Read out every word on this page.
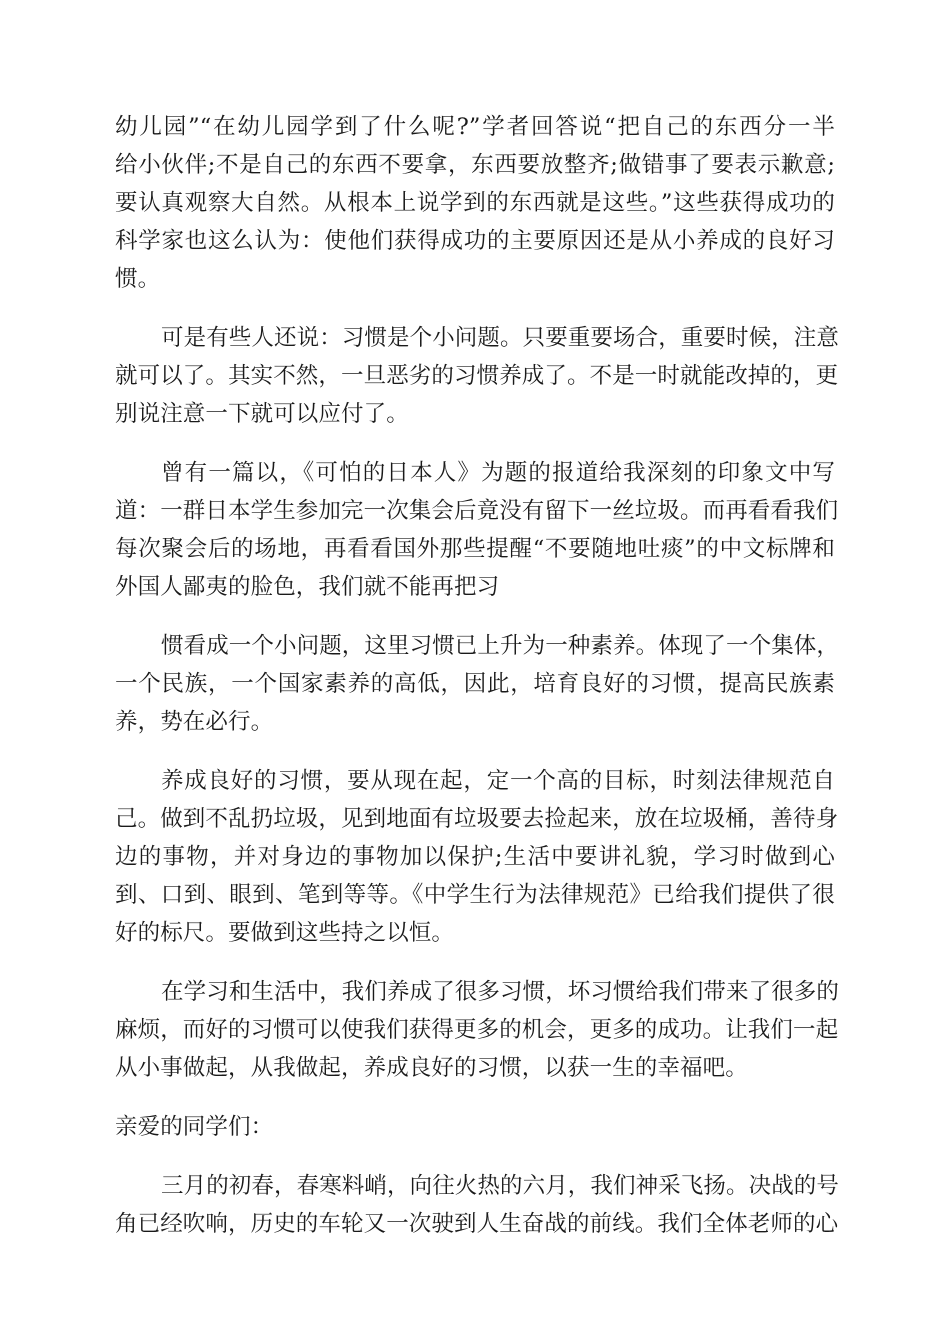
幼儿园”“在幼儿园学到了什么呢?”学者回答说“把自己的东西分一半
给小伙伴;不是自己的东西不要拿，东西要放整齐;做错事了要表示歉意;
要认真观察大自然。从根本上说学到的东西就是这些。”这些获得成功的
科学家也这么认为：使他们获得成功的主要原因还是从小养成的良好习
惯。

可是有些人还说：习惯是个小问题。只要重要场合，重要时候，注意
就可以了。其实不然，一旦恶劣的习惯养成了。不是一时就能改掉的，更
别说注意一下就可以应付了。

曾有一篇以，《可怕的日本人》为题的报道给我深刻的印象文中写
道：一群日本学生参加完一次集会后竟没有留下一丝垃圾。而再看看我们
每次聚会后的场地，再看看国外那些提醒“不要随地吐痰”的中文标牌和
外国人鄙夷的脸色，我们就不能再把习

惯看成一个小问题，这里习惯已上升为一种素养。体现了一个集体，
一个民族，一个国家素养的高低，因此，培育良好的习惯，提高民族素
养，势在必行。

养成良好的习惯，要从现在起，定一个高的目标，时刻法律规范自
己。做到不乱扔垃圾，见到地面有垃圾要去捡起来，放在垃圾桶，善待身
边的事物，并对身边的事物加以保护;生活中要讲礼貌，学习时做到心
到、口到、眼到、笔到等等。《中学生行为法律规范》已给我们提供了很
好的标尺。要做到这些持之以恒。

在学习和生活中，我们养成了很多习惯，坏习惯给我们带来了很多的
麻烦，而好的习惯可以使我们获得更多的机会，更多的成功。让我们一起
从小事做起，从我做起，养成良好的习惯，以获一生的幸福吧。

亲爱的同学们：

三月的初春，春寒料峭，向往火热的六月，我们神采飞扬。决战的号
角已经吹响，历史的车轮又一次驶到人生奋战的前线。我们全体老师的心
